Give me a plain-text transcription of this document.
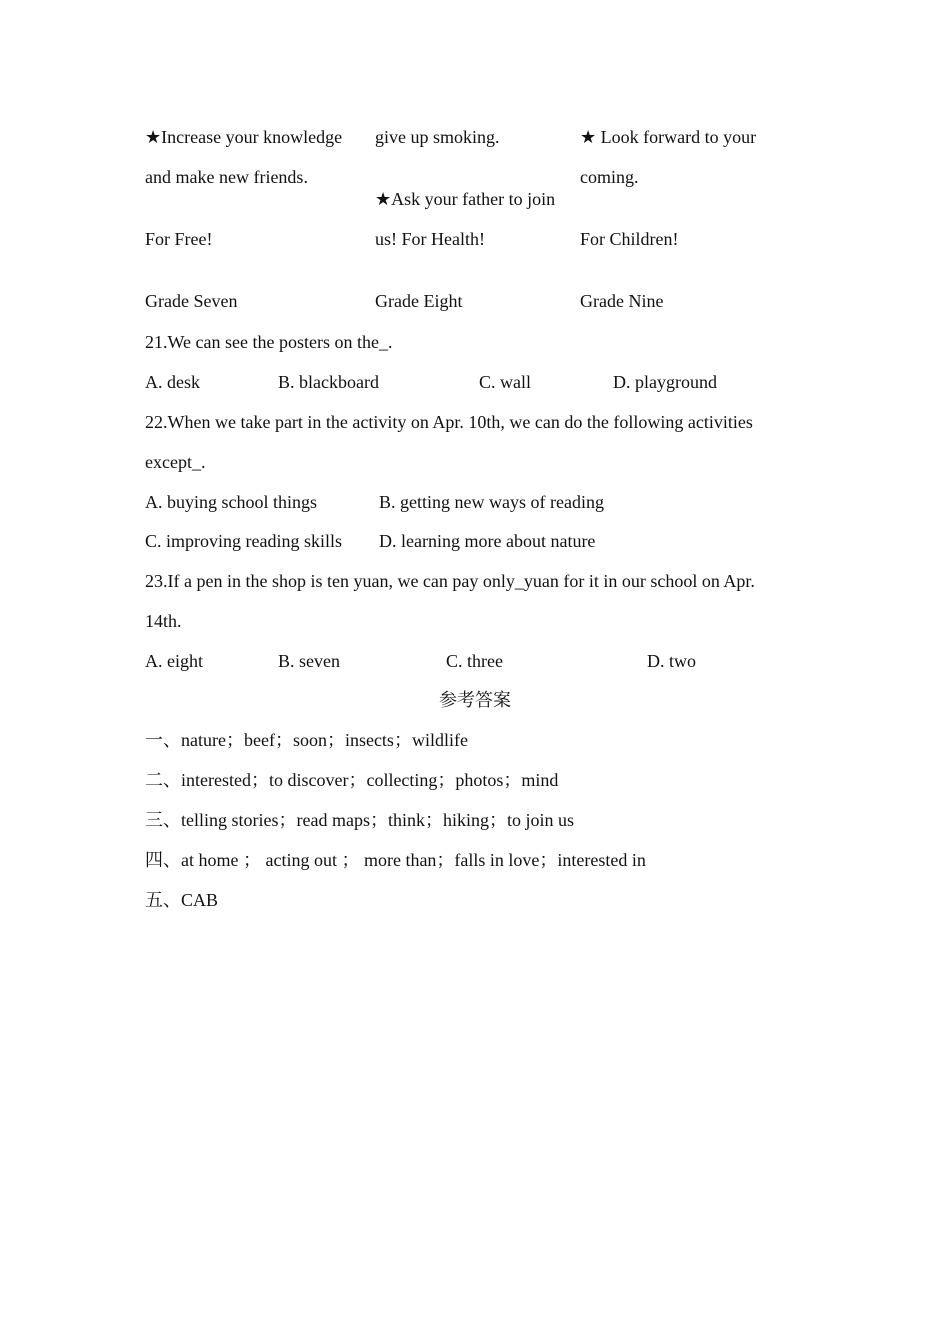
★Increase your knowledge
and make new friends.
For Free!
Grade Seven
give up smoking.
★Ask your father to join
us! For Health!
Grade Eight
★ Look forward to your
coming.
For Children!
Grade Nine
21.We can see the posters on the_.
A. desk	B. blackboard	C. wall	D. playground
22.When we take part in the activity on Apr. 10th, we can do the following activities
except_.
A. buying school things	B. getting new ways of reading
C. improving reading skills D. learning more about nature
23.If a pen in the shop is ten yuan, we can pay only_yuan for it in our school on Apr.
14th.
A. eight	B. seven	C. three	D. two
参考答案
一、nature；beef；soon；insects；wildlife
二、interested；to discover；collecting；photos；mind
三、telling stories；read maps；think；hiking；to join us
四、at home ； acting out ； more than；falls in love；interested in
五、CAB
